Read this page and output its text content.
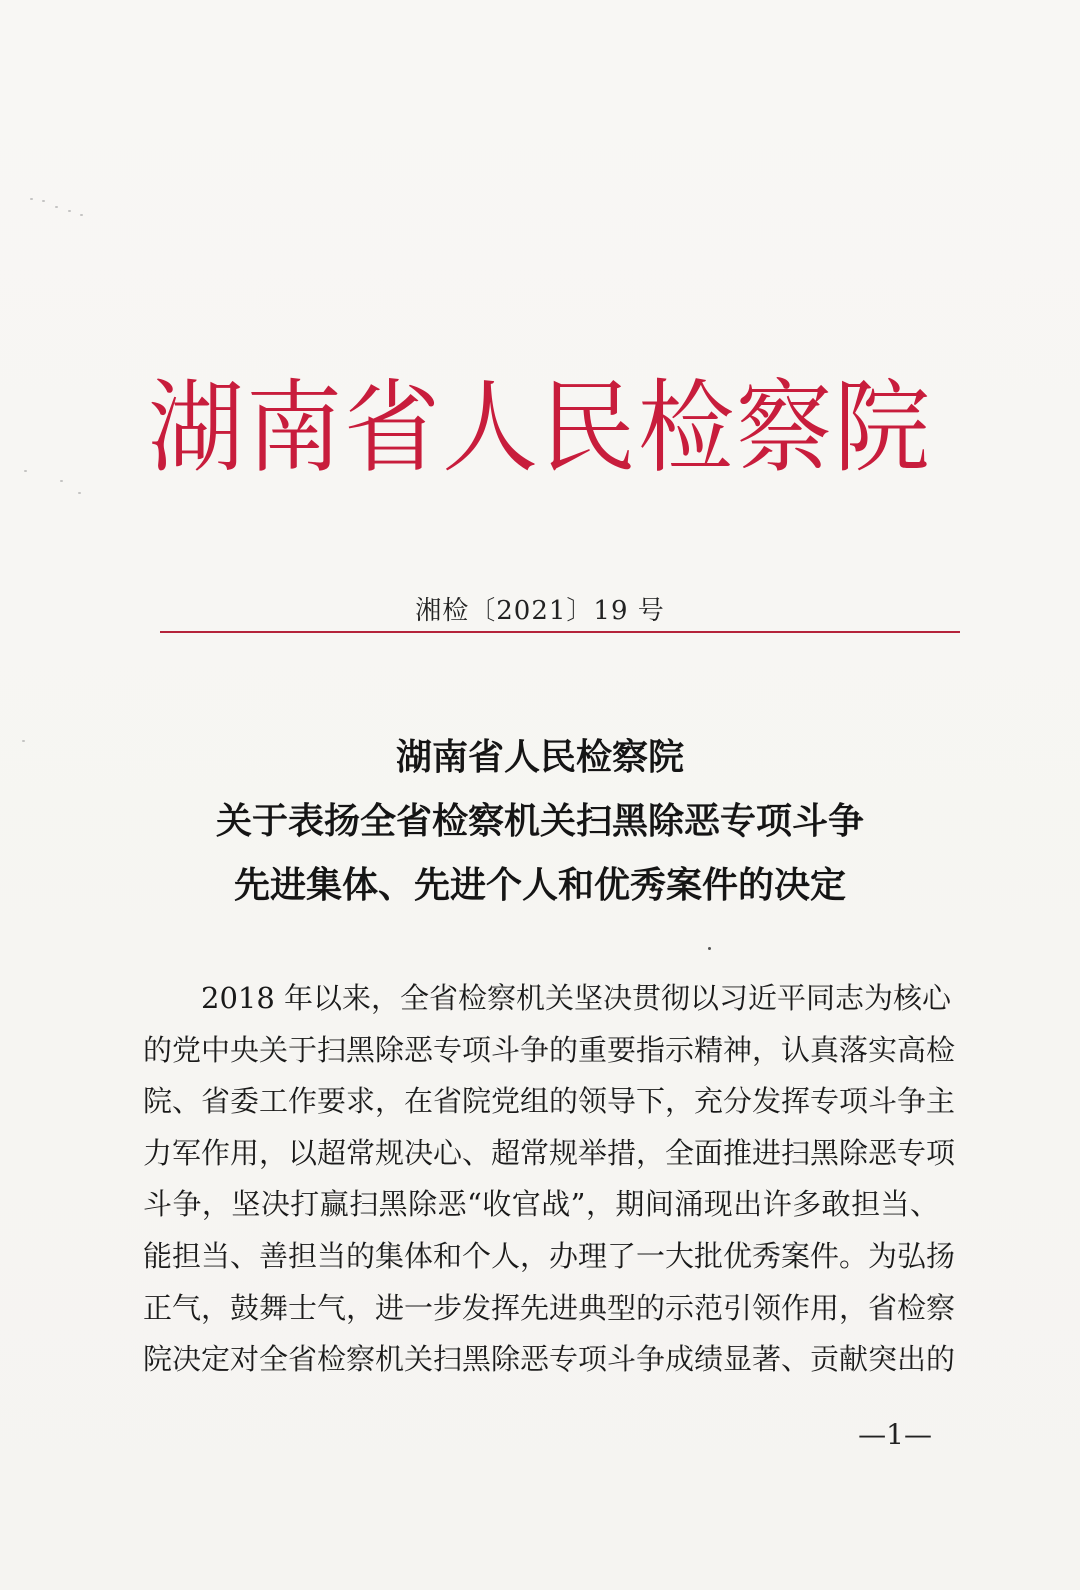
湖南省人民检察院
湘检〔2021〕19 号
湖南省人民检察院
关于表扬全省检察机关扫黑除恶专项斗争
先进集体、先进个人和优秀案件的决定
2018 年以来，全省检察机关坚决贯彻以习近平同志为核心
的党中央关于扫黑除恶专项斗争的重要指示精神，认真落实高检
院、省委工作要求，在省院党组的领导下，充分发挥专项斗争主
力军作用，以超常规决心、超常规举措，全面推进扫黑除恶专项
斗争，坚决打赢扫黑除恶“收官战”，期间涌现出许多敢担当、
能担当、善担当的集体和个人，办理了一大批优秀案件。为弘扬
正气，鼓舞士气，进一步发挥先进典型的示范引领作用，省检察
院决定对全省检察机关扫黑除恶专项斗争成绩显著、贡献突出的
—1—
